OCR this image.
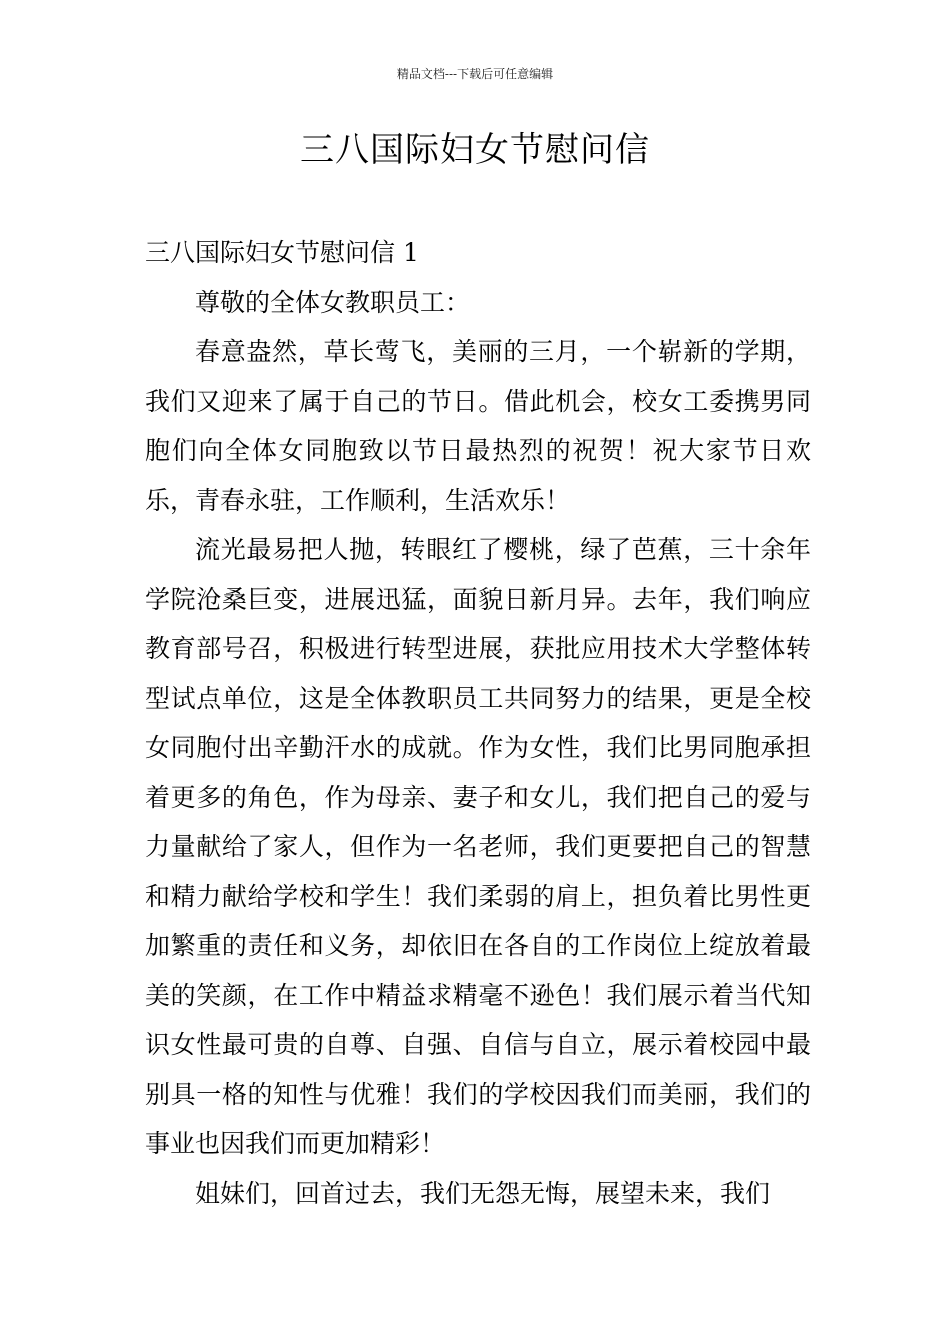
精品文档---下载后可任意编辑
三八国际妇女节慰问信

三八国际妇女节慰问信 1

尊敬的全体女教职员工：

春意盎然，草长莺飞，美丽的三月，一个崭新的学期，我们又迎来了属于自己的节日。借此机会，校女工委携男同胞们向全体女同胞致以节日最热烈的祝贺！祝大家节日欢乐，青春永驻，工作顺利，生活欢乐！

流光最易把人抛，转眼红了樱桃，绿了芭蕉，三十余年学院沧桑巨变，进展迅猛，面貌日新月异。去年，我们响应教育部号召，积极进行转型进展，获批应用技术大学整体转型试点单位，这是全体教职员工共同努力的结果，更是全校女同胞付出辛勤汗水的成就。作为女性，我们比男同胞承担着更多的角色，作为母亲、妻子和女儿，我们把自己的爱与力量献给了家人，但作为一名老师，我们更要把自己的智慧和精力献给学校和学生！我们柔弱的肩上，担负着比男性更加繁重的责任和义务，却依旧在各自的工作岗位上绽放着最美的笑颜，在工作中精益求精毫不逊色！我们展示着当代知识女性最可贵的自尊、自强、自信与自立，展示着校园中最别具一格的知性与优雅！我们的学校因我们而美丽，我们的事业也因我们而更加精彩！

姐妹们，回首过去，我们无怨无悔，展望未来，我们
